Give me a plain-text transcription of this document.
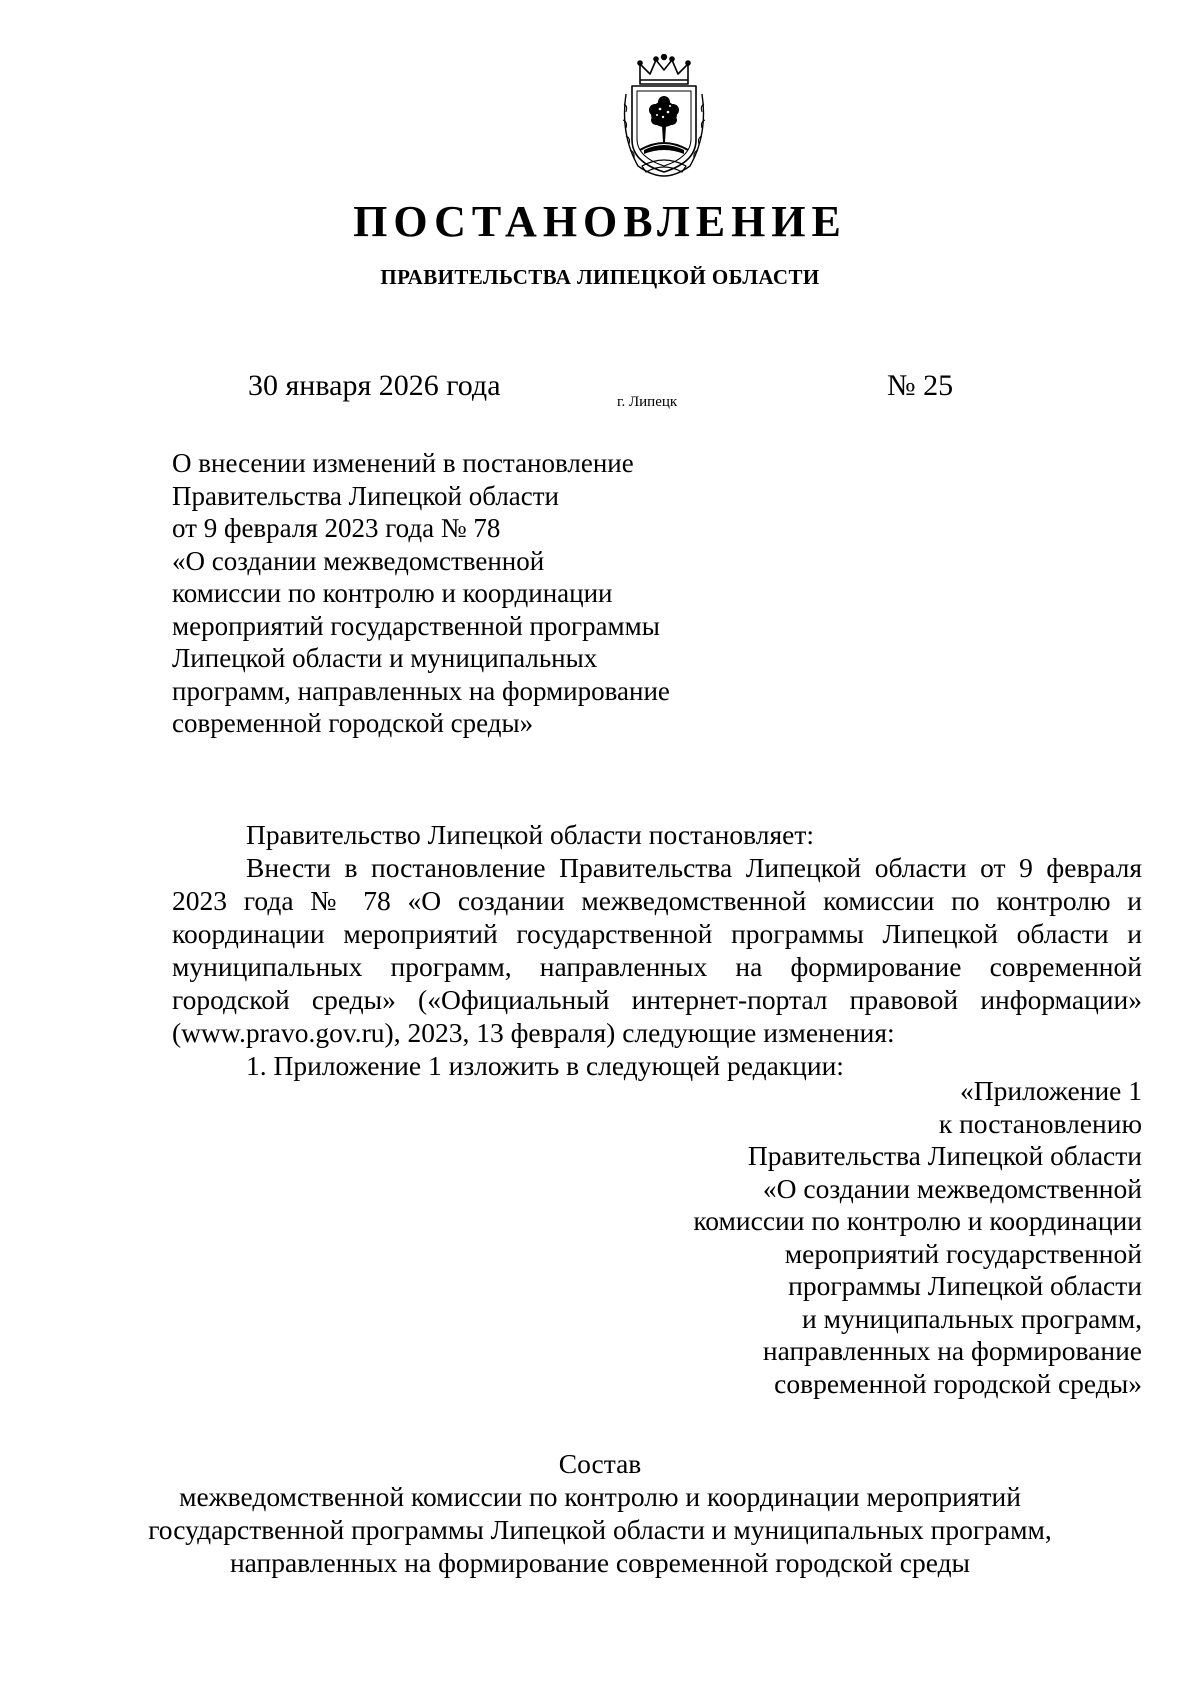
ПОСТАНОВЛЕНИЕ
ПРАВИТЕЛЬСТВА ЛИПЕЦКОЙ ОБЛАСТИ
30 января 2026 года	г. Липецк	№ 25
О внесении изменений в постановление
Правительства Липецкой области
от 9 февраля 2023 года № 78
«О создании межведомственной
комиссии по контролю и координации
мероприятий государственной программы
Липецкой области и муниципальных
программ, направленных на формирование
современной городской среды»

Правительство Липецкой области постановляет:

Внести в постановление Правительства Липецкой области от 9 февраля 2023 года № 78 «О создании межведомственной комиссии по контролю и координации мероприятий государственной программы Липецкой области и муниципальных программ, направленных на формирование современной городской среды» («Официальный интернет-портал правовой информации» (www.pravo.gov.ru), 2023, 13 февраля) следующие изменения:

1. Приложение 1 изложить в следующей редакции:

«Приложение 1
к постановлению
Правительства Липецкой области
«О создании межведомственной
комиссии по контролю и координации
мероприятий государственной
программы Липецкой области
и муниципальных программ,
направленных на формирование
современной городской среды»
Состав
межведомственной комиссии по контролю и координации мероприятий
государственной программы Липецкой области и муниципальных программ,
направленных на формирование современной городской среды
